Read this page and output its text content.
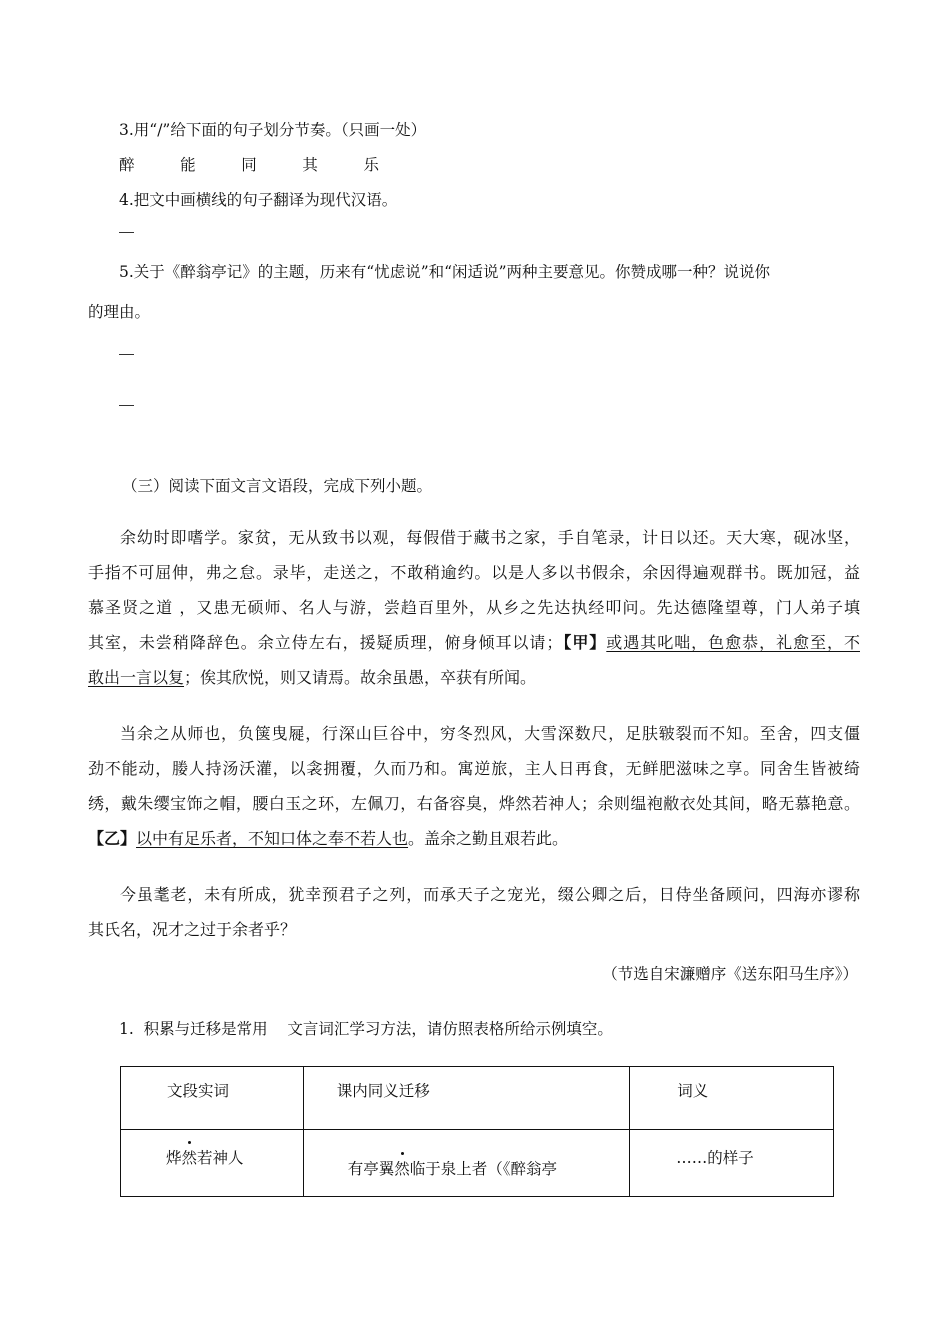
3.用“/”给下面的句子划分节奏。（只画一处）
醉	能	同	其	乐
4.把文中画横线的句子翻译为现代汉语。
5.关于《醉翁亭记》的主题，历来有“忧虑说”和“闲适说”两种主要意见。你赞成哪一种？说说你
的理由。
（三）阅读下面文言文语段，完成下列小题。
余幼时即嗜学。家贫，无从致书以观，每假借于藏书之家，手自笔录，计日以还。天大寒，砚冰坚，
手指不可屈伸，弗之怠。录毕，走送之，不敢稍逾约。以是人多以书假余，余因得遍观群书。既加冠，益
慕圣贤之道 ，又患无硕师、名人与游，尝趋百里外，从乡之先达执经叩问。先达德隆望尊，门人弟子填
其室，未尝稍降辞色。余立侍左右，援疑质理，俯身倾耳以请；【甲】或遇其叱咄，色愈恭，礼愈至，不
敢出一言以复；俟其欣悦，则又请焉。故余虽愚，卒获有所闻。
当余之从师也，负箧曳屣，行深山巨谷中，穷冬烈风，大雪深数尺，足肤皲裂而不知。至舍，四支僵
劲不能动，媵人持汤沃灌，以衾拥覆，久而乃和。寓逆旅，主人日再食，无鲜肥滋味之享。同舍生皆被绮
绣，戴朱缨宝饰之帽，腰白玉之环，左佩刀，右备容臭，烨然若神人；余则缊袍敝衣处其间，略无慕艳意。
【乙】以中有足乐者，不知口体之奉不若人也。盖余之勤且艰若此。
今虽耄老，未有所成，犹幸预君子之列，而承天子之宠光，缀公卿之后，日侍坐备顾问，四海亦谬称
其氏名，况才之过于余者乎？
（节选自宋濂赠序《送东阳马生序》）
1.  积累与迁移是常用    文言词汇学习方法，请仿照表格所给示例填空。
文段实词	课内同义迁移	词义

烨然若神人	有亭翼然临于泉上者（《醉翁亭	……的样子
